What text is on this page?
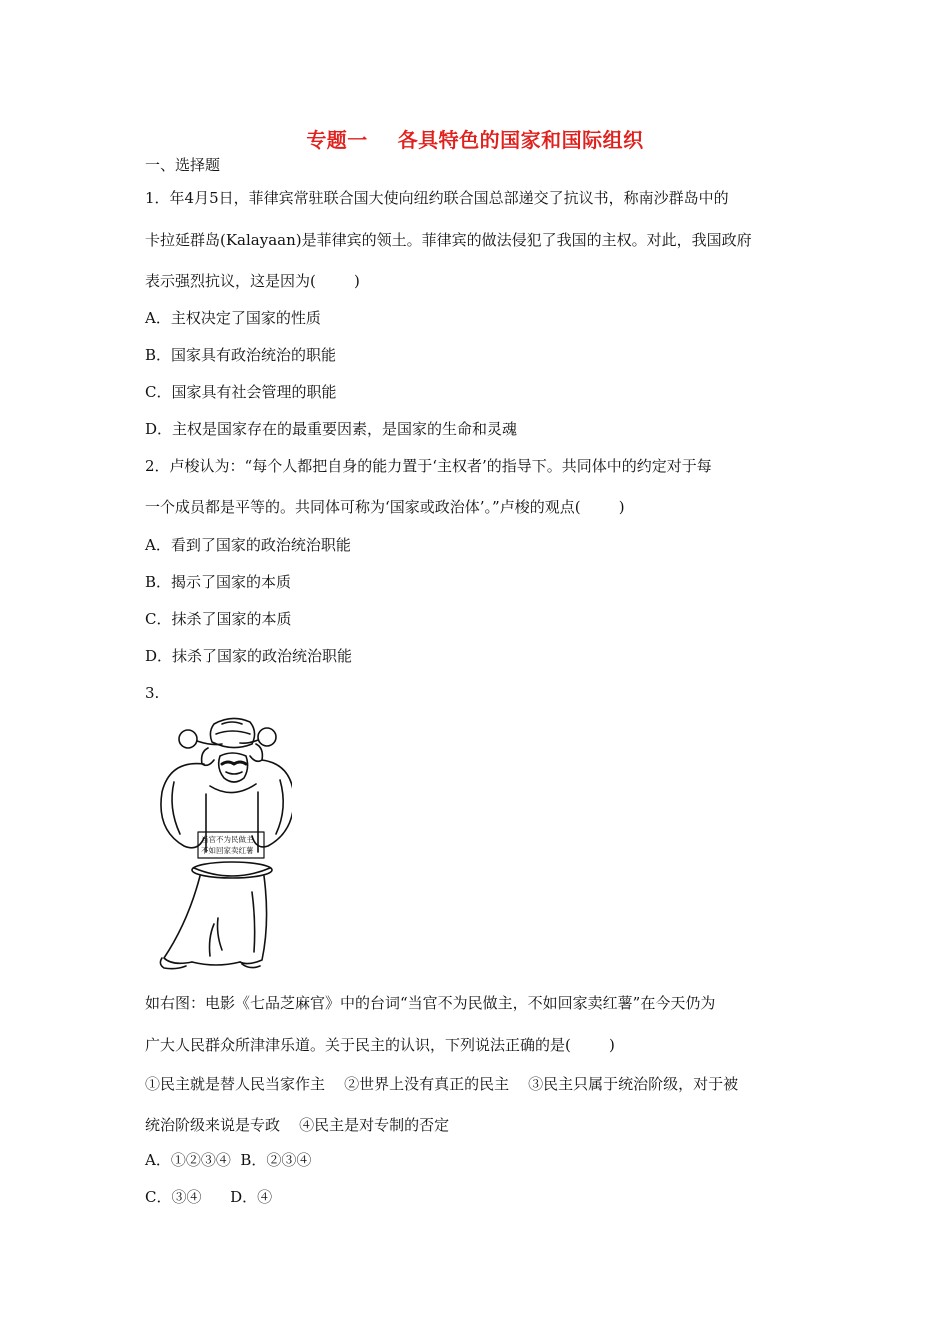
专题一    各具特色的国家和国际组织
一、选择题
1．年4月5日，菲律宾常驻联合国大使向纽约联合国总部递交了抗议书，称南沙群岛中的
卡拉延群岛(Kalayaan)是菲律宾的领土。菲律宾的做法侵犯了我国的主权。对此，我国政府
表示强烈抗议，这是因为(        )
A．主权决定了国家的性质
B．国家具有政治统治的职能
C．国家具有社会管理的职能
D．主权是国家存在的最重要因素，是国家的生命和灵魂
2．卢梭认为：“每个人都把自身的能力置于‘主权者’的指导下。共同体中的约定对于每
一个成员都是平等的。共同体可称为‘国家或政治体’。”卢梭的观点(        )
A．看到了国家的政治统治职能
B．揭示了国家的本质
C．抹杀了国家的本质
D．抹杀了国家的政治统治职能
3.
当官不为民做主
不如回家卖红薯
如右图：电影《七品芝麻官》中的台词“当官不为民做主，不如回家卖红薯”在今天仍为
广大人民群众所津津乐道。关于民主的认识，下列说法正确的是(        )
①民主就是替人民当家作主    ②世界上没有真正的民主    ③民主只属于统治阶级，对于被
统治阶级来说是专政    ④民主是对专制的否定
A．①②③④  B．②③④
C．③④      D．④
